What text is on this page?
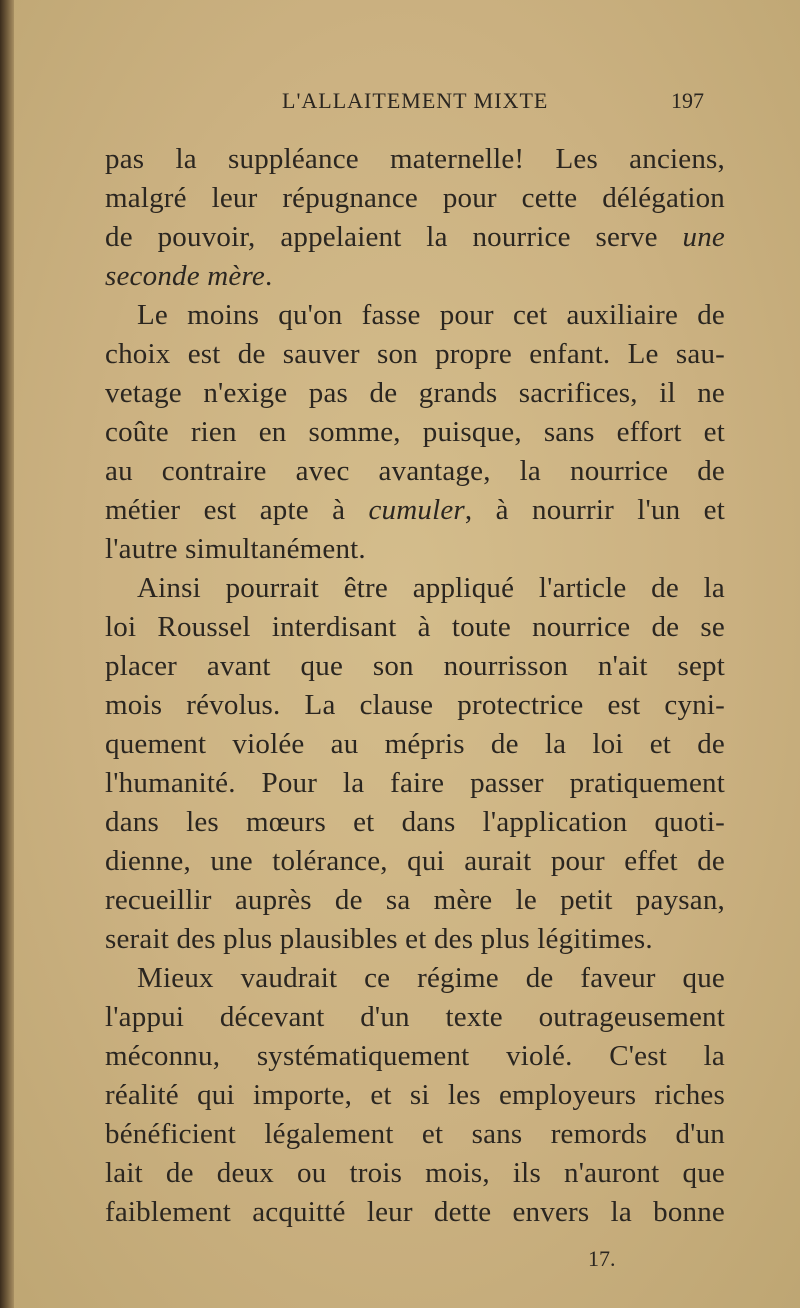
L'ALLAITEMENT MIXTE	197
pas la suppléance maternelle! Les anciens,
malgré leur répugnance pour cette délégation
de pouvoir, appelaient la nourrice serve une
seconde mère.
Le moins qu'on fasse pour cet auxiliaire de
choix est de sauver son propre enfant. Le sau-
vetage n'exige pas de grands sacrifices, il ne
coûte rien en somme, puisque, sans effort et
au contraire avec avantage, la nourrice de
métier est apte à cumuler, à nourrir l'un et
l'autre simultanément.
Ainsi pourrait être appliqué l'article de la
loi Roussel interdisant à toute nourrice de se
placer avant que son nourrisson n'ait sept
mois révolus. La clause protectrice est cyni-
quement violée au mépris de la loi et de
l'humanité. Pour la faire passer pratiquement
dans les mœurs et dans l'application quoti-
dienne, une tolérance, qui aurait pour effet de
recueillir auprès de sa mère le petit paysan,
serait des plus plausibles et des plus légitimes.
Mieux vaudrait ce régime de faveur que
l'appui décevant d'un texte outrageusement
méconnu, systématiquement violé. C'est la
réalité qui importe, et si les employeurs riches
bénéficient légalement et sans remords d'un
lait de deux ou trois mois, ils n'auront que
faiblement acquitté leur dette envers la bonne
17.
